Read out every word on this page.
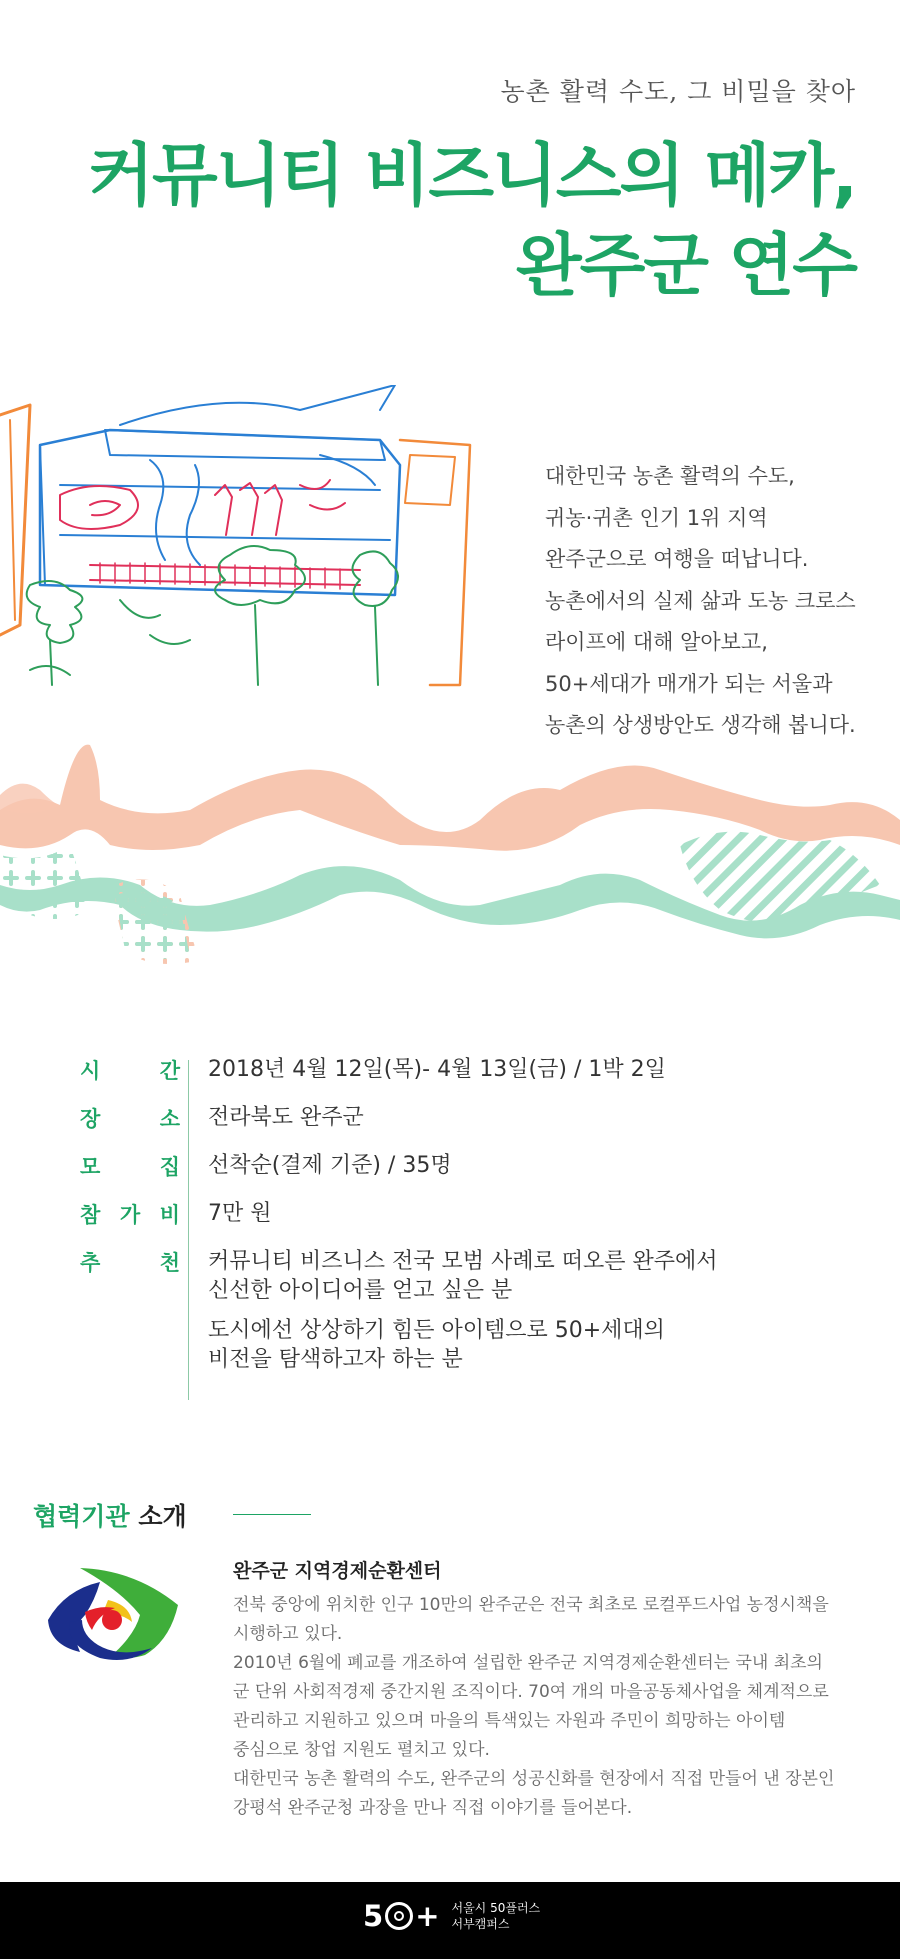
농촌 활력 수도, 그 비밀을 찾아
커뮤니티 비즈니스의 메카,
완주군 연수
대한민국 농촌 활력의 수도,
귀농·귀촌 인기 1위 지역
완주군으로 여행을 떠납니다.
농촌에서의 실제 삶과 도농 크로스
라이프에 대해 알아보고,
50+세대가 매개가 되는 서울과
농촌의 상생방안도 생각해 봅니다.
시	간 2018년 4월 12일(목)- 4월 13일(금) / 1박 2일
장	소 전라북도 완주군
모	집 선착순(결제 기준) / 35명
참 가 비 7만 원
추	천 커뮤니티 비즈니스 전국 모범 사례로 떠오른 완주에서
신선한 아이디어를 얻고 싶은 분
도시에선 상상하기 힘든 아이템으로 50+세대의
비전을 탐색하고자 하는 분
협력기관 소개
완주군 지역경제순환센터
전북 중앙에 위치한 인구 10만의 완주군은 전국 최초로 로컬푸드사업 농정시책을
시행하고 있다.
2010년 6월에 폐교를 개조하여 설립한 완주군 지역경제순환센터는 국내 최초의
군 단위 사회적경제 중간지원 조직이다. 70여 개의 마을공동체사업을 체계적으로
관리하고 지원하고 있으며 마을의 특색있는 자원과 주민이 희망하는 아이템
중심으로 창업 지원도 펼치고 있다.
대한민국 농촌 활력의 수도, 완주군의 성공신화를 현장에서 직접 만들어 낸 장본인
강평석 완주군청 과장을 만나 직접 이야기를 들어본다.
5 + 서울시 50플러스
서부캠퍼스
